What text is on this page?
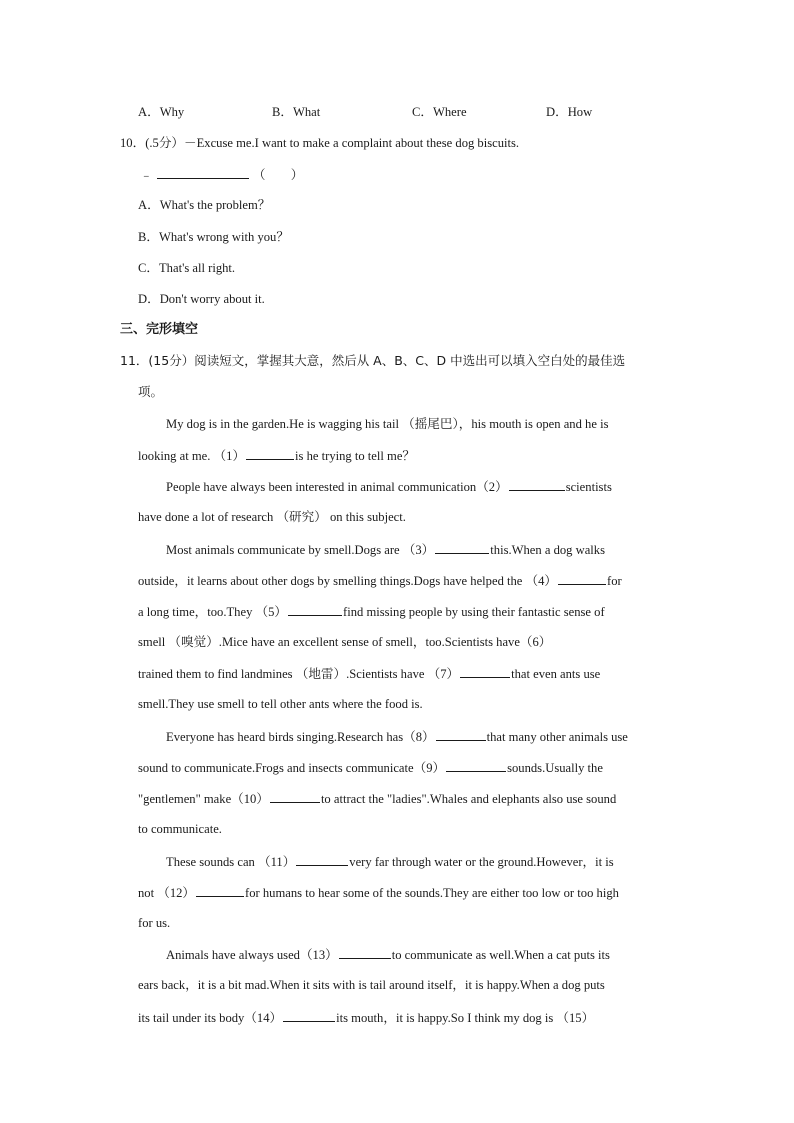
A．Why	B．What	C．Where	D．How
10．(.5分）－Excuse me.I want to make a complaint about these dog biscuits.
﹣	（　　）
A．What's the problem？
B．What's wrong with you？
C．That's all right.
D．Don't worry about it.
三、完形填空
11．(15分）阅读短文，掌握其大意，然后从 A、B、C、D 中选出可以填入空白处的最佳选
项。
My dog is in the garden.He is wagging his tail （摇尾巴），his mouth is open and he is
looking at me. （1）	is he trying to tell me？
People have always been interested in animal communication（2）	scientists
have done a lot of research （研究） on this subject.
Most animals communicate by smell.Dogs are （3）	this.When a dog walks
outside，it learns about other dogs by smelling things.Dogs have helped the （4）	for
a long time，too.They （5）	find missing people by using their fantastic sense of
smell （嗅觉）.Mice have an excellent sense of smell，too.Scientists have（6）
trained them to find landmines （地雷）.Scientists have （7）	that even ants use
smell.They use smell to tell other ants where the food is.
Everyone has heard birds singing.Research has（8）	that many other animals use
sound to communicate.Frogs and insects communicate（9）	sounds.Usually the
"gentlemen" make（10）	to attract the "ladies".Whales and elephants also use sound
to communicate.
These sounds can （11）	very far through water or the ground.However，it is
not （12）	for humans to hear some of the sounds.They are either too low or too high
for us.
Animals have always used（13）	to communicate as well.When a cat puts its
ears back，it is a bit mad.When it sits with is tail around itself，it is happy.When a dog puts
its tail under its body（14）	its mouth，it is happy.So I think my dog is （15）
